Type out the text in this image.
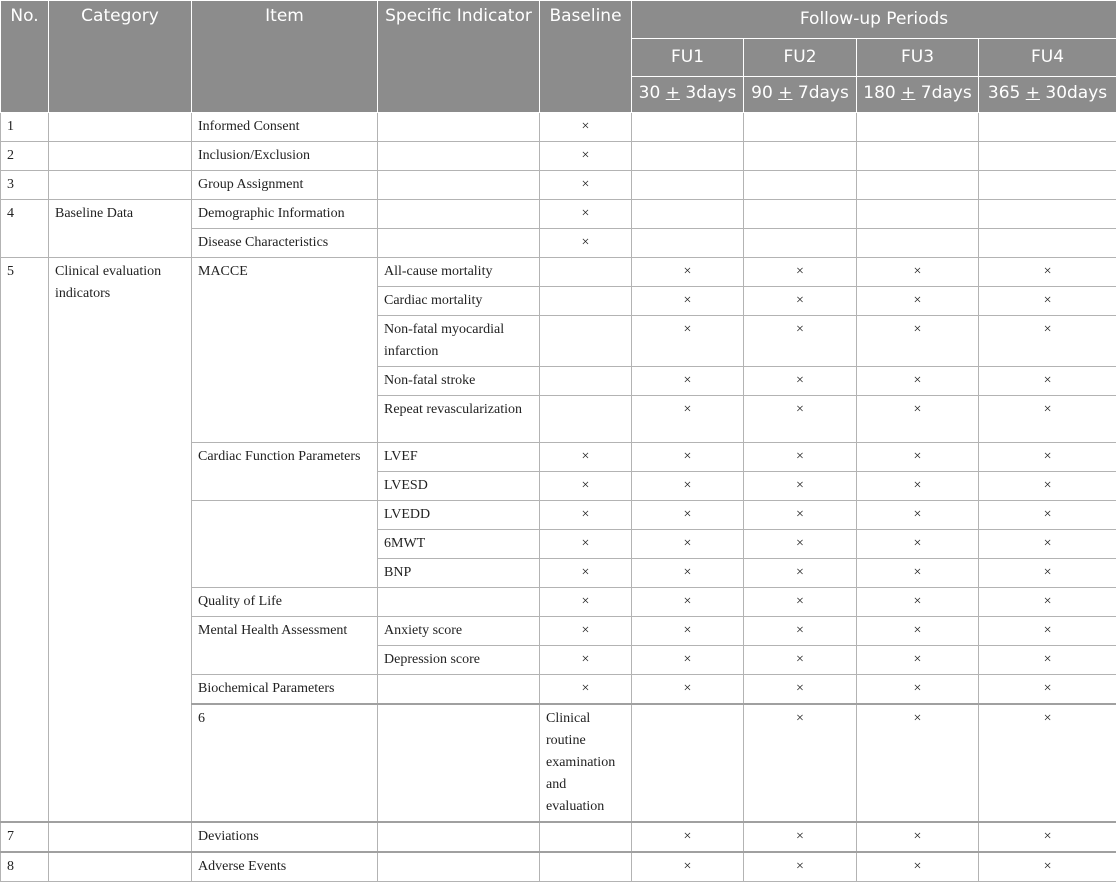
No.	Category	Item	Specific Indicator	Baseline	Follow-up Periods				
					FU1	FU2	FU3	FU4	
					30 + 3days	90 + 7days	180 + 7days	365 + 30days	
1		Informed Consent		×					
2		Inclusion/Exclusion		×					
3		Group Assignment		×					
4	Baseline Data	Demographic Information		×					
		Disease Characteristics		×					
5	Clinical evaluation indicators	MACCE	All-cause mortality		×	×	×	×	
			Cardiac mortality		×	×	×	×	
			Non-fatal myocardial infarction		×	×	×	×	
			Non-fatal stroke		×	×	×	×	
			Repeat revascularization		×	×	×	×	
		Cardiac Function Parameters	LVEF	×	×	×	×	×	
			LVESD	×	×	×	×	×	
			LVEDD	×	×	×	×	×	
			6MWT	×	×	×	×	×	
			BNP	×	×	×	×	×	
		Quality of Life		×	×	×	×	×	
		Mental Health Assessment	Anxiety score	×	×	×	×	×	
			Depression score	×	×	×	×	×	
		Biochemical Parameters		×	×	×	×	×	
		6		Clinical routine examination and evaluation		×	×	×		
7		Deviations			×	×	×	×	
8		Adverse Events			×	×	×	×	
